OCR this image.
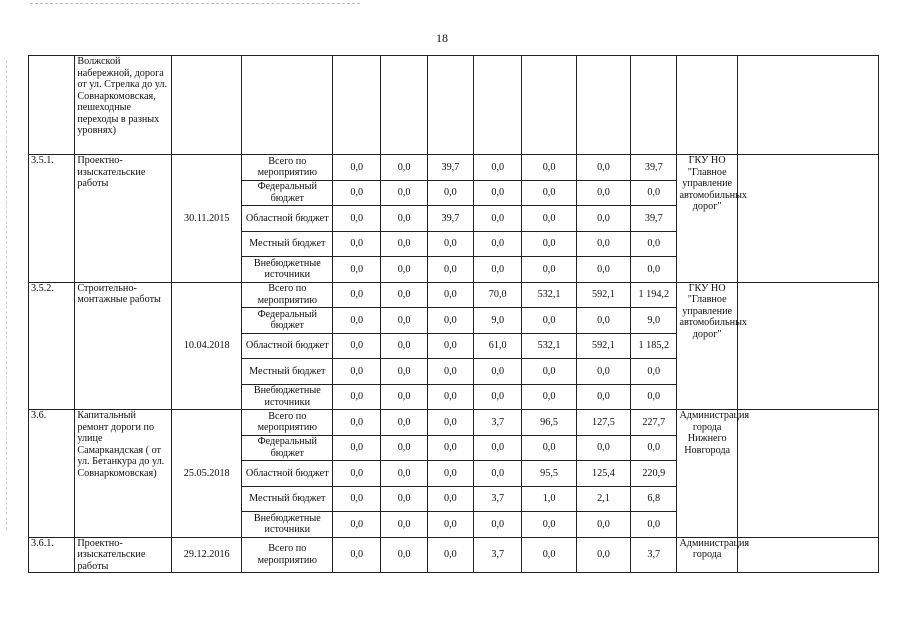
18
	Волжской набережной, дорога от ул. Стрелка до ул. Совнаркомовская, пешеходные переходы в разных уровнях)											
3.5.1.	Проектно-изыскательские работы	30.11.2015	Всего по мероприятию	0,0	0,0	39,7	0,0	0,0	0,0	39,7	ГКУ НО "Главное управление автомобильных дорог"	
			Федеральный бюджет	0,0	0,0	0,0	0,0	0,0	0,0	0,0		
			Областной бюджет	0,0	0,0	39,7	0,0	0,0	0,0	39,7		
			Местный бюджет	0,0	0,0	0,0	0,0	0,0	0,0	0,0		
			Внебюджетные источники	0,0	0,0	0,0	0,0	0,0	0,0	0,0		
3.5.2.	Строительно-монтажные работы	10.04.2018	Всего по мероприятию	0,0	0,0	0,0	70,0	532,1	592,1	1 194,2	ГКУ НО "Главное управление автомобильных дорог"	
			Федеральный бюджет	0,0	0,0	0,0	9,0	0,0	0,0	9,0		
			Областной бюджет	0,0	0,0	0,0	61,0	532,1	592,1	1 185,2		
			Местный бюджет	0,0	0,0	0,0	0,0	0,0	0,0	0,0		
			Внебюджетные источники	0,0	0,0	0,0	0,0	0,0	0,0	0,0		
3.6.	Капитальный ремонт дороги по улице Самаркандская ( от ул. Бетанкура до ул. Совнаркомовская)	25.05.2018	Всего по мероприятию	0,0	0,0	0,0	3,7	96,5	127,5	227,7	Администрация города Нижнего Новгорода	
			Федеральный бюджет	0,0	0,0	0,0	0,0	0,0	0,0	0,0		
			Областной бюджет	0,0	0,0	0,0	0,0	95,5	125,4	220,9		
			Местный бюджет	0,0	0,0	0,0	3,7	1,0	2,1	6,8		
			Внебюджетные источники	0,0	0,0	0,0	0,0	0,0	0,0	0,0		
3.6.1.	Проектно-изыскательские работы	29.12.2016	Всего по мероприятию	0,0	0,0	0,0	3,7	0,0	0,0	3,7	Администрация города	
